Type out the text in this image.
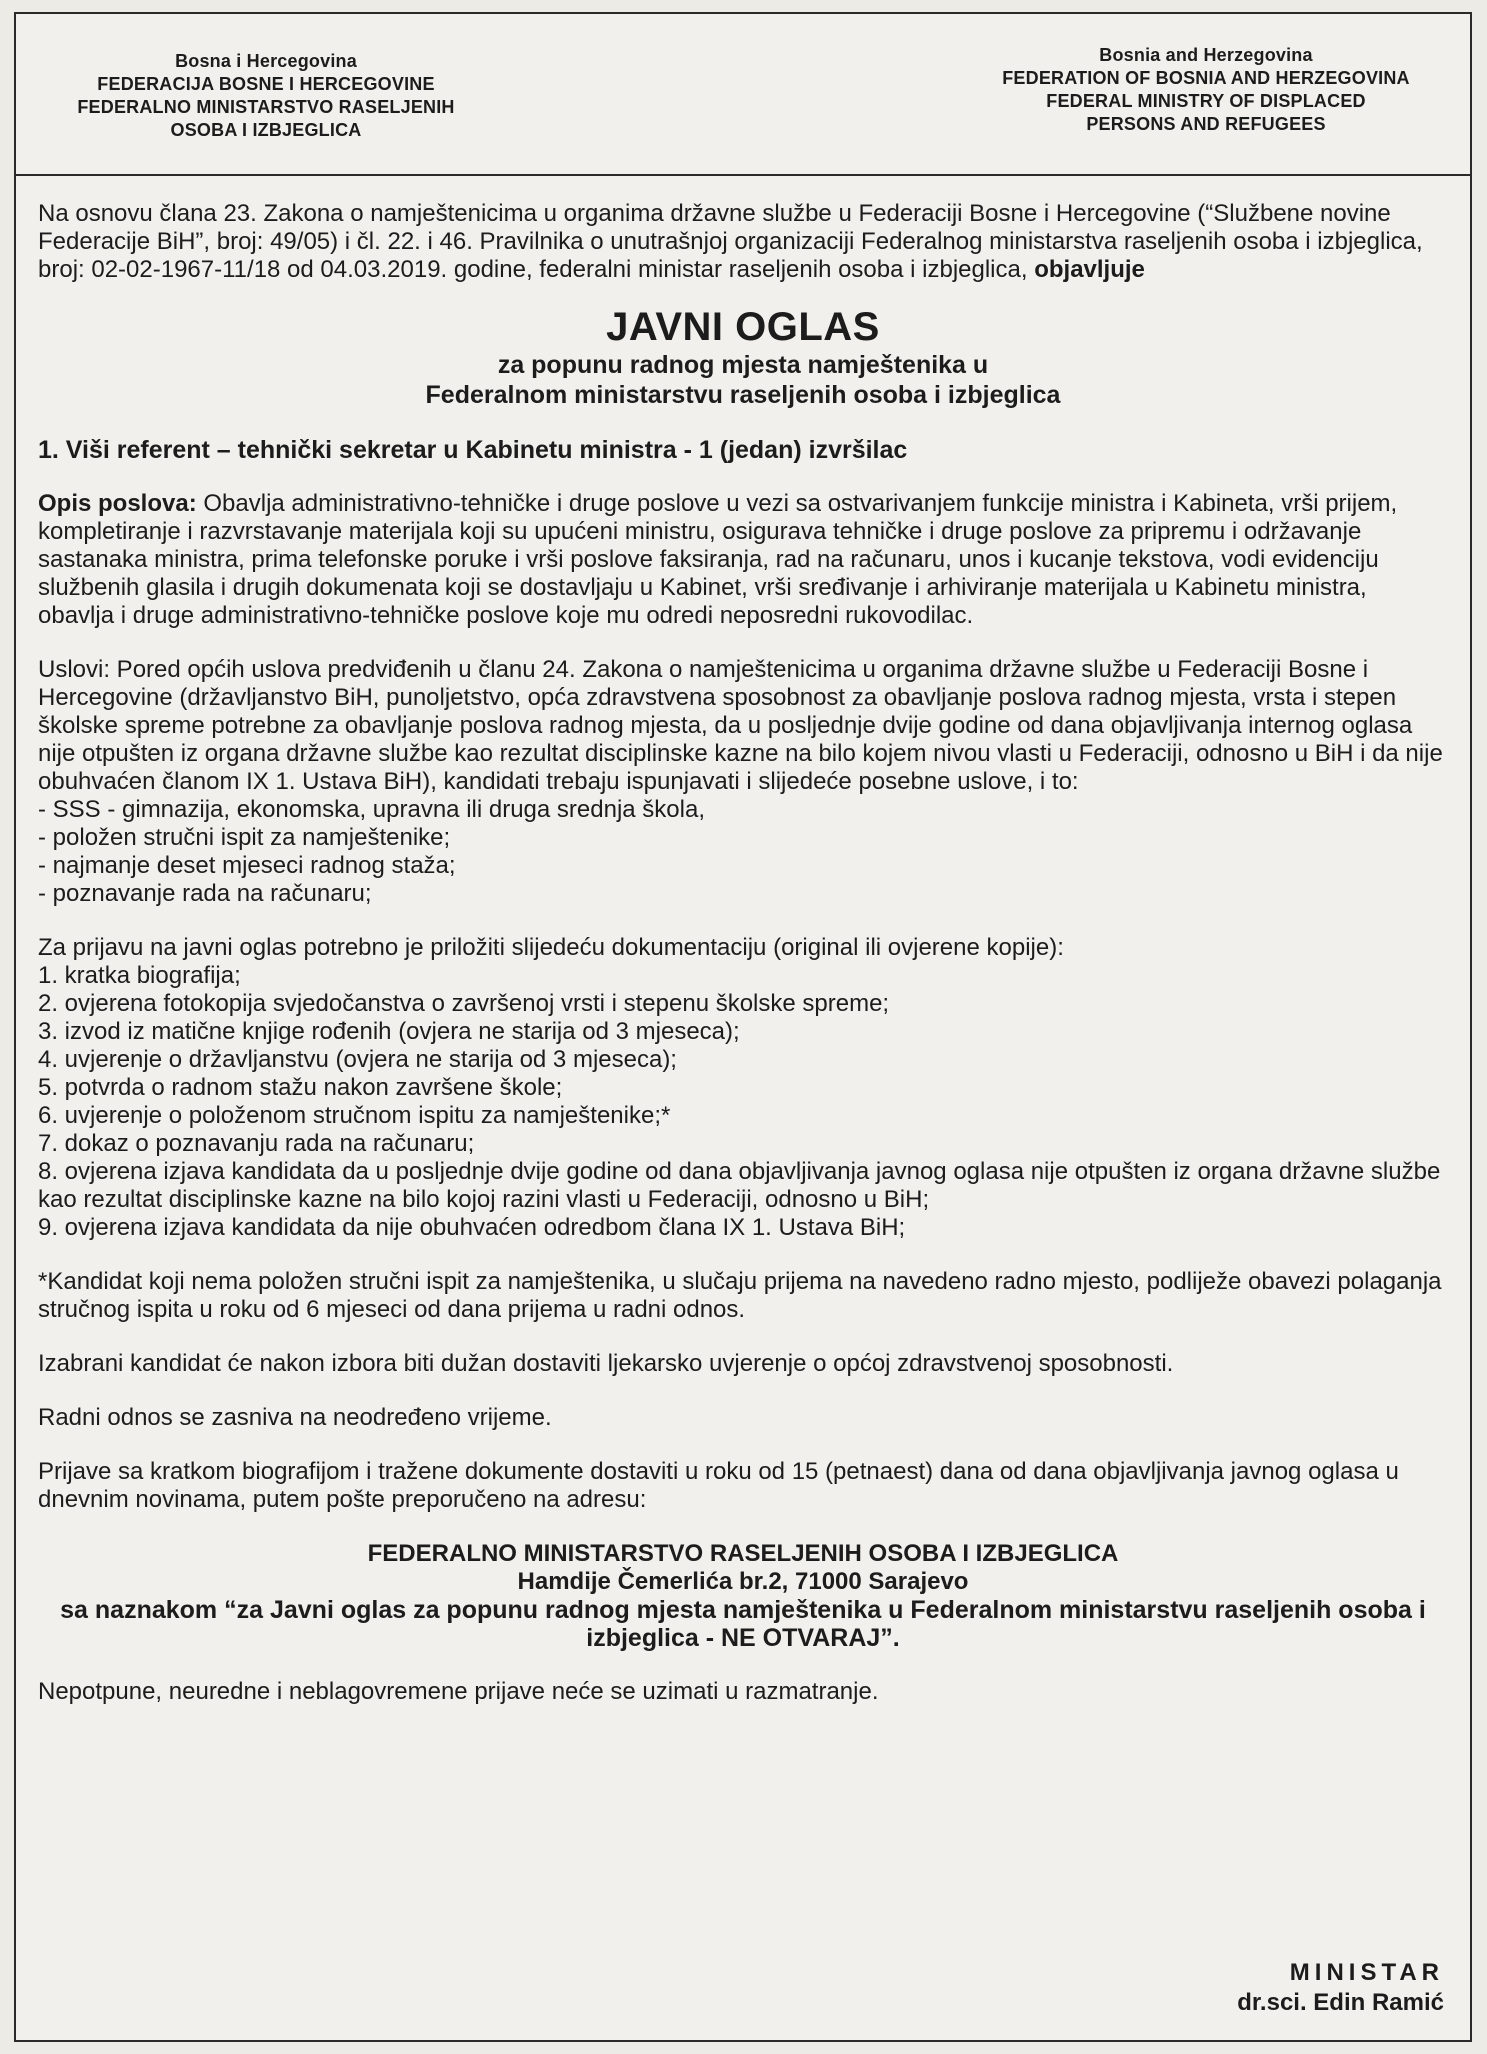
Bosna i Hercegovina
FEDERACIJA BOSNE I HERCEGOVINE
FEDERALNO MINISTARSTVO RASELJENIH
OSOBA I IZBJEGLICA
Bosnia and Herzegovina
FEDERATION OF BOSNIA AND HERZEGOVINA
FEDERAL MINISTRY OF DISPLACED
PERSONS AND REFUGEES

Na osnovu člana 23. Zakona o namještenicima u organima državne službe u Federaciji Bosne i Hercegovine (“Službene novine Federacije BiH”, broj: 49/05) i čl. 22. i 46. Pravilnika o unutrašnjoj organizaciji Federalnog ministarstva raseljenih osoba i izbjeglica, broj: 02-02-1967-11/18 od 04.03.2019. godine, federalni ministar raseljenih osoba i izbjeglica, objavljuje

JAVNI OGLAS
za popunu radnog mjesta namještenika u
Federalnom ministarstvu raseljenih osoba i izbjeglica
1. Viši referent – tehnički sekretar u Kabinetu ministra - 1 (jedan) izvršilac

Opis poslova: Obavlja administrativno-tehničke i druge poslove u vezi sa ostvarivanjem funkcije ministra i Kabineta, vrši prijem, kompletiranje i razvrstavanje materijala koji su upućeni ministru, osigurava tehničke i druge poslove za pripremu i održavanje sastanaka ministra, prima telefonske poruke i vrši poslove faksiranja, rad na računaru, unos i kucanje tekstova, vodi evidenciju službenih glasila i drugih dokumenata koji se dostavljaju u Kabinet, vrši sređivanje i arhiviranje materijala u Kabinetu ministra, obavlja i druge administrativno-tehničke poslove koje mu odredi neposredni rukovodilac.

Uslovi: Pored općih uslova predviđenih u članu 24. Zakona o namještenicima u organima državne službe u Federaciji Bosne i Hercegovine (državljanstvo BiH, punoljetstvo, opća zdravstvena sposobnost za obavljanje poslova radnog mjesta, vrsta i stepen školske spreme potrebne za obavljanje poslova radnog mjesta, da u posljednje dvije godine od dana objavljivanja internog oglasa nije otpušten iz organa državne službe kao rezultat disciplinske kazne na bilo kojem nivou vlasti u Federaciji, odnosno u BiH i da nije obuhvaćen članom IX 1. Ustava BiH), kandidati trebaju ispunjavati i slijedeće posebne uslove, i to:

- SSS - gimnazija, ekonomska, upravna ili druga srednja škola,
- položen stručni ispit za namještenike;
- najmanje deset mjeseci radnog staža;
- poznavanje rada na računaru;

Za prijavu na javni oglas potrebno je priložiti slijedeću dokumentaciju (original ili ovjerene kopije):

1. kratka biografija;
2. ovjerena fotokopija svjedočanstva o završenoj vrsti i stepenu školske spreme;
3. izvod iz matične knjige rođenih (ovjera ne starija od 3 mjeseca);
4. uvjerenje o državljanstvu (ovjera ne starija od 3 mjeseca);
5. potvrda o radnom stažu nakon završene škole;
6. uvjerenje o položenom stručnom ispitu za namještenike;*
7. dokaz o poznavanju rada na računaru;
8. ovjerena izjava kandidata da u posljednje dvije godine od dana objavljivanja javnog oglasa nije otpušten iz organa državne službe kao rezultat disciplinske kazne na bilo kojoj razini vlasti u Federaciji, odnosno u BiH;
9. ovjerena izjava kandidata da nije obuhvaćen odredbom člana IX 1. Ustava BiH;

*Kandidat koji nema položen stručni ispit za namještenika, u slučaju prijema na navedeno radno mjesto, podliježe obavezi polaganja stručnog ispita u roku od 6 mjeseci od dana prijema u radni odnos.

Izabrani kandidat će nakon izbora biti dužan dostaviti ljekarsko uvjerenje o općoj zdravstvenoj sposobnosti.

Radni odnos se zasniva na neodređeno vrijeme.

Prijave sa kratkom biografijom i tražene dokumente dostaviti u roku od 15 (petnaest) dana od dana objavljivanja javnog oglasa u dnevnim novinama, putem pošte preporučeno na adresu:

FEDERALNO MINISTARSTVO RASELJENIH OSOBA I IZBJEGLICA
Hamdije Čemerlića br.2, 71000 Sarajevo
sa naznakom “za Javni oglas za popunu radnog mjesta namještenika u Federalnom ministarstvu raseljenih osoba i izbjeglica - NE OTVARAJ”.

Nepotpune, neuredne i neblagovremene prijave neće se uzimati u razmatranje.

MINISTAR
dr.sci. Edin Ramić
